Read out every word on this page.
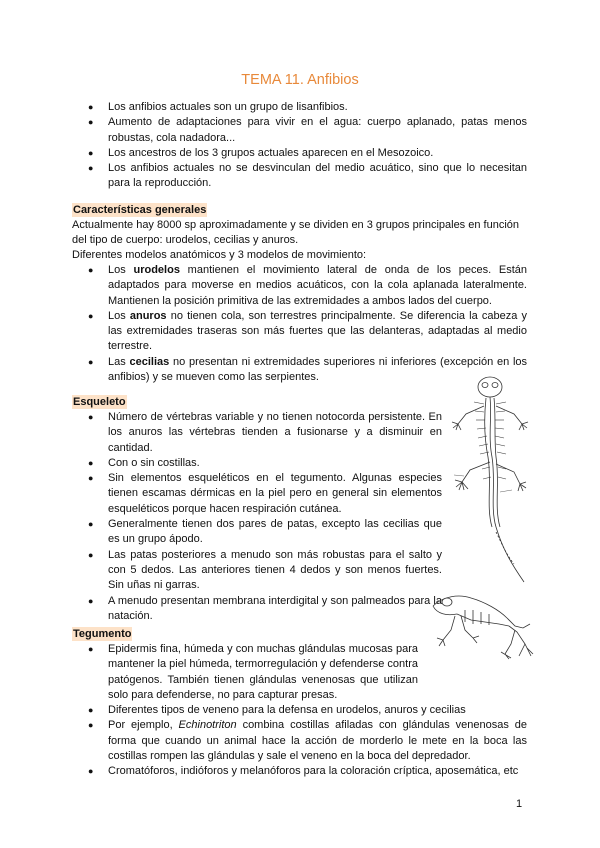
TEMA 11. Anfibios
● Los anfibios actuales son un grupo de lisanfibios.
● Aumento de adaptaciones para vivir en el agua: cuerpo aplanado, patas menos robustas, cola nadadora...
● Los ancestros de los 3 grupos actuales aparecen en el Mesozoico.
● Los anfibios actuales no se desvinculan del medio acuático, sino que lo necesitan para la reproducción.
Características generales

Actualmente hay 8000 sp aproximadamente y se dividen en 3 grupos principales en función del tipo de cuerpo: urodelos, cecilias y anuros.

Diferentes modelos anatómicos y 3 modelos de movimiento:

● Los urodelos mantienen el movimiento lateral de onda de los peces. Están adaptados para moverse en medios acuáticos, con la cola aplanada lateralmente. Mantienen la posición primitiva de las extremidades a ambos lados del cuerpo.
● Los anuros no tienen cola, son terrestres principalmente. Se diferencia la cabeza y las extremidades traseras son más fuertes que las delanteras, adaptadas al medio terrestre.
● Las cecilias no presentan ni extremidades superiores ni inferiores (excepción en los anfibios) y se mueven como las serpientes.
Esqueleto
● Número de vértebras variable y no tienen notocorda persistente. En los anuros las vértebras tienden a fusionarse y a disminuir en cantidad.
● Con o sin costillas.
● Sin elementos esqueléticos en el tegumento. Algunas especies tienen escamas dérmicas en la piel pero en general sin elementos esqueléticos porque hacen respiración cutánea.
● Generalmente tienen dos pares de patas, excepto las cecilias que es un grupo ápodo.
● Las patas posteriores a menudo son más robustas para el salto y con 5 dedos. Las anteriores tienen 4 dedos y son menos fuertes. Sin uñas ni garras.
● A menudo presentan membrana interdigital y son palmeados para la natación.
Tegumento
● Epidermis fina, húmeda y con muchas glándulas mucosas para mantener la piel húmeda, termorregulación y defenderse contra patógenos. También tienen glándulas venenosas que utilizan solo para defenderse, no para capturar presas.
● Diferentes tipos de veneno para la defensa en urodelos, anuros y cecilias
● Por ejemplo, Echinotriton combina costillas afiladas con glándulas venenosas de forma que cuando un animal hace la acción de morderlo le mete en la boca las costillas rompen las glándulas y sale el veneno en la boca del depredador.
● Cromatóforos, indióforos y melanóforos para la coloración críptica, aposemática, etc
1
